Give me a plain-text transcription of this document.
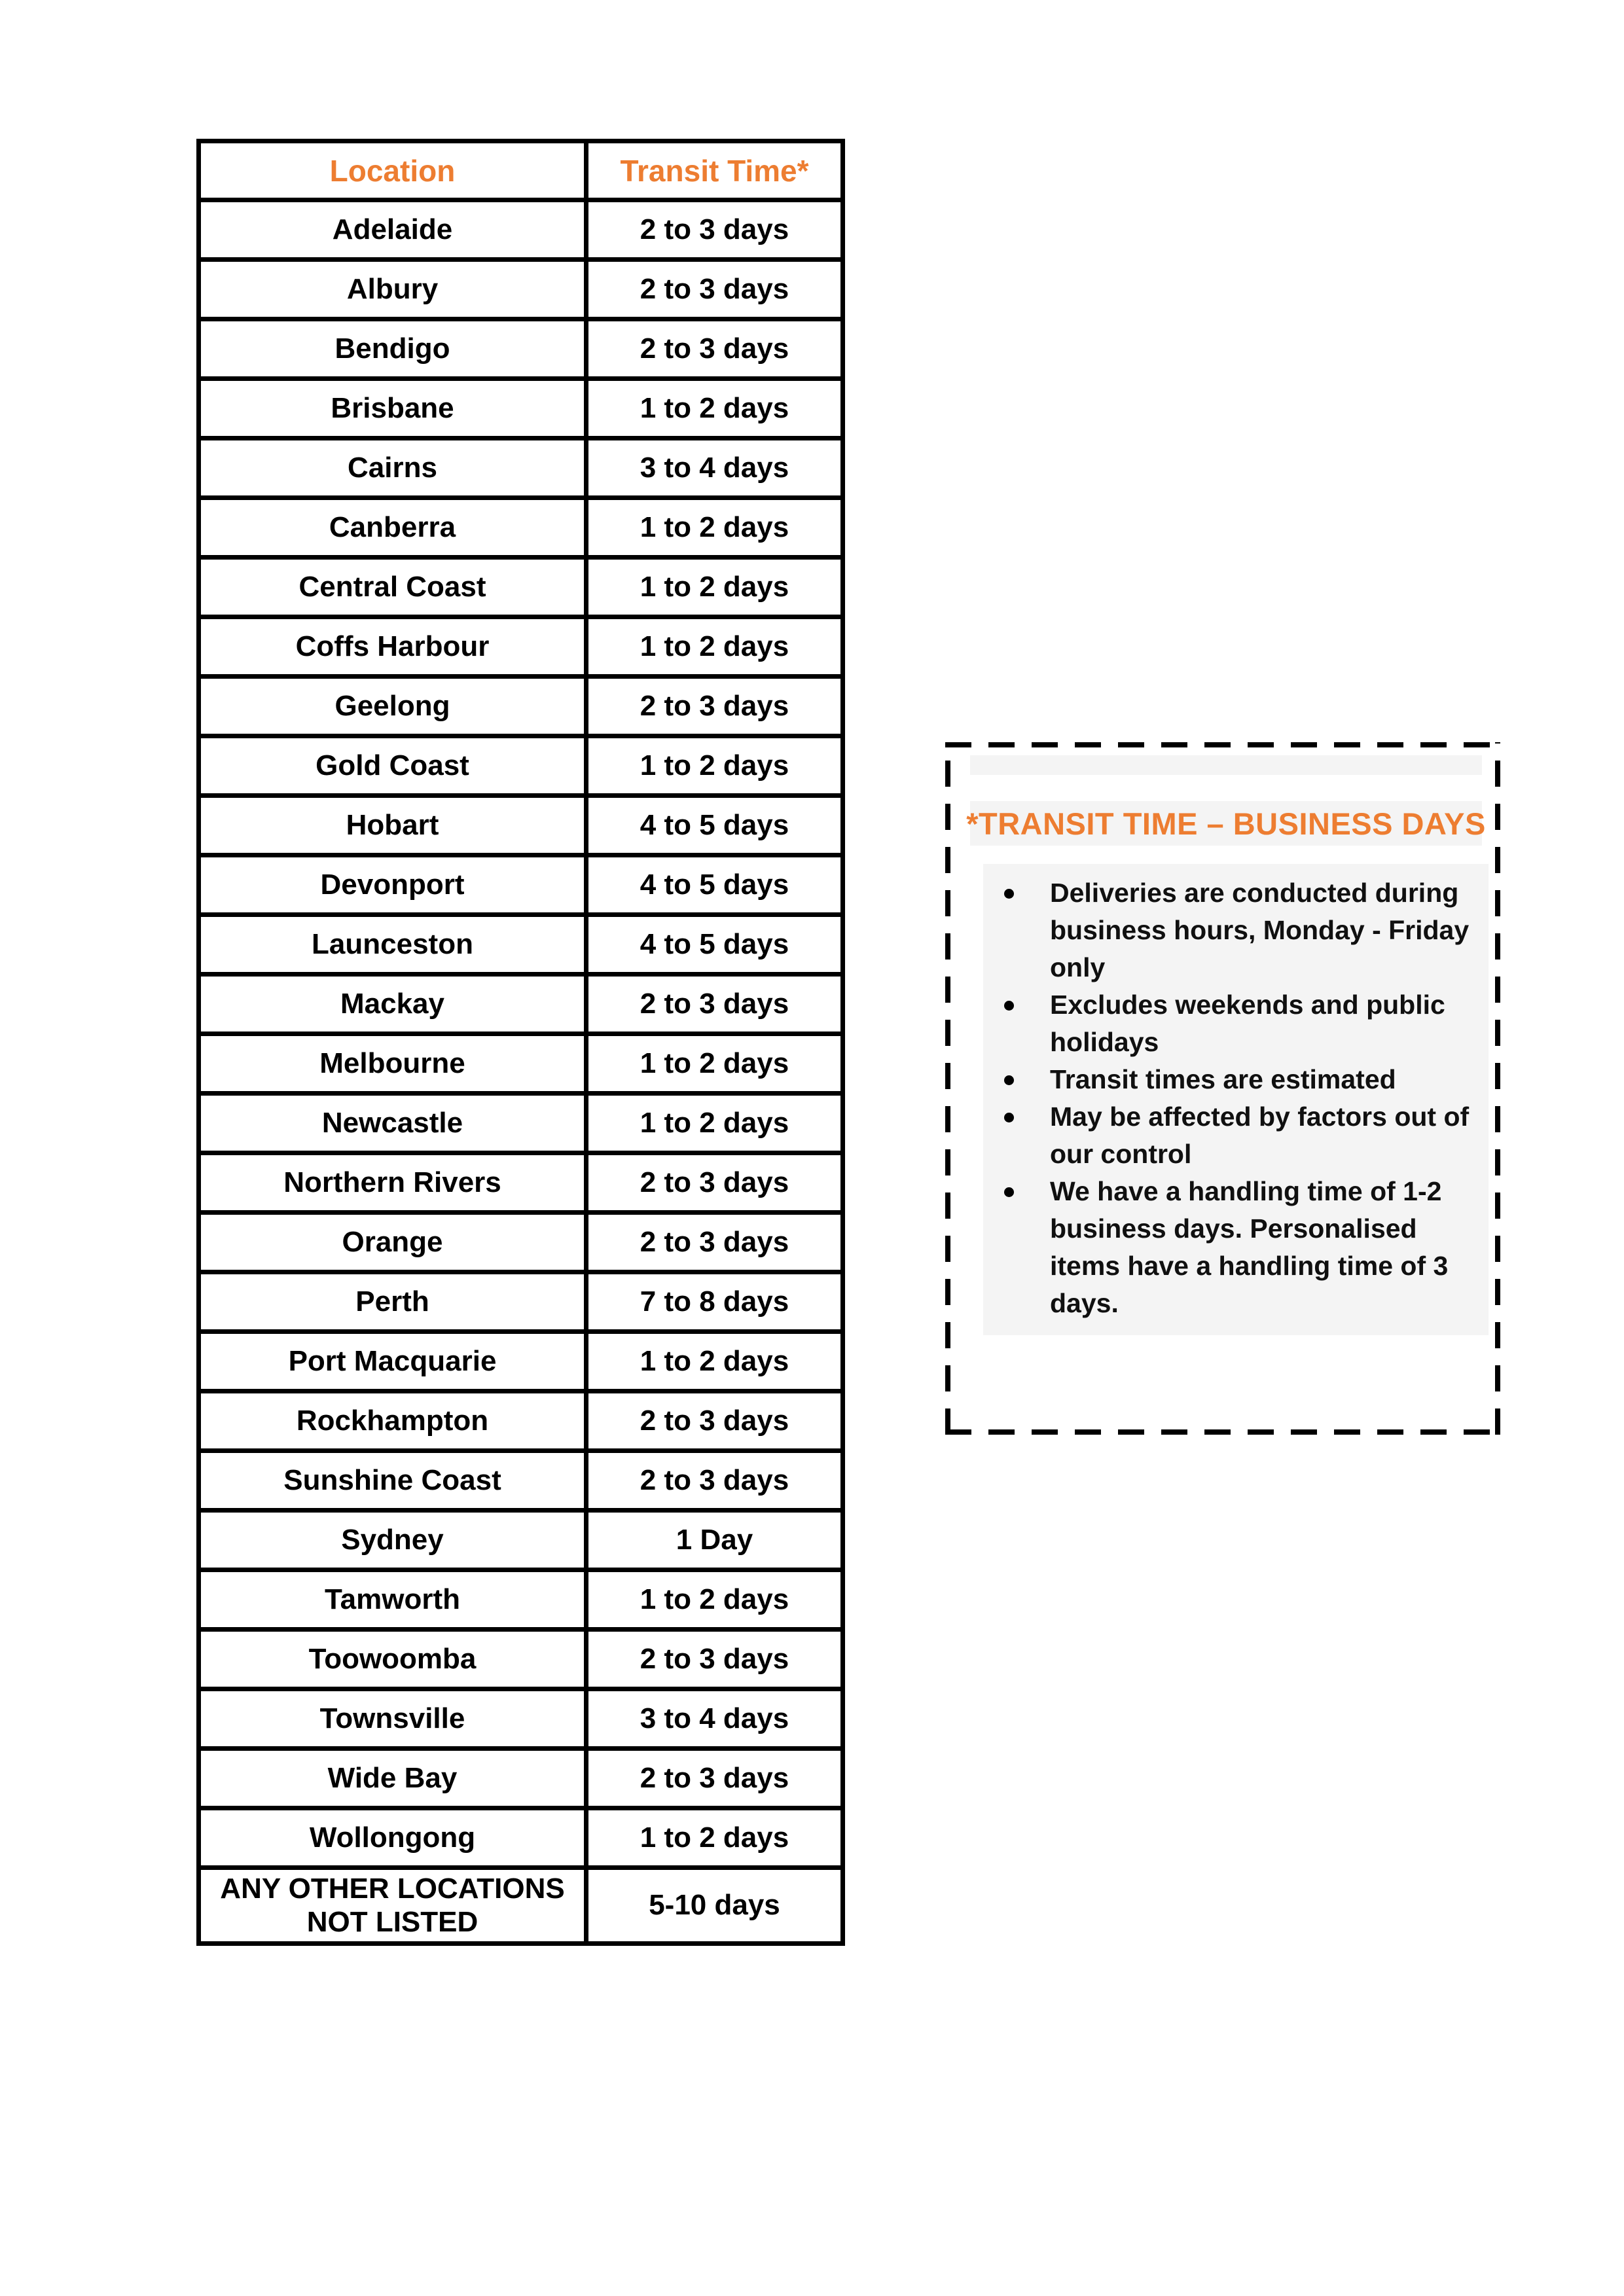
Location	Transit Time*
Adelaide	2 to 3 days
Albury	2 to 3 days
Bendigo	2 to 3 days
Brisbane	1 to 2 days
Cairns	3 to 4 days
Canberra	1 to 2 days
Central Coast	1 to 2 days
Coffs Harbour	1 to 2 days
Geelong	2 to 3 days
Gold Coast	1 to 2 days
Hobart	4 to 5 days
Devonport	4 to 5 days
Launceston	4 to 5 days
Mackay	2 to 3 days
Melbourne	1 to 2 days
Newcastle	1 to 2 days
Northern Rivers	2 to 3 days
Orange	2 to 3 days
Perth	7 to 8 days
Port Macquarie	1 to 2 days
Rockhampton	2 to 3 days
Sunshine Coast	2 to 3 days
Sydney	1 Day
Tamworth	1 to 2 days
Toowoomba	2 to 3 days
Townsville	3 to 4 days
Wide Bay	2 to 3 days
Wollongong	1 to 2 days
ANY OTHER LOCATIONS NOT LISTED	5-10 days
*TRANSIT TIME – BUSINESS DAYS
Deliveries are conducted during business hours, Monday - Friday only
Excludes weekends and public holidays
Transit times are estimated
May be affected by factors out of our control
We have a handling time of 1-2 business days. Personalised items have a handling time of 3 days.
